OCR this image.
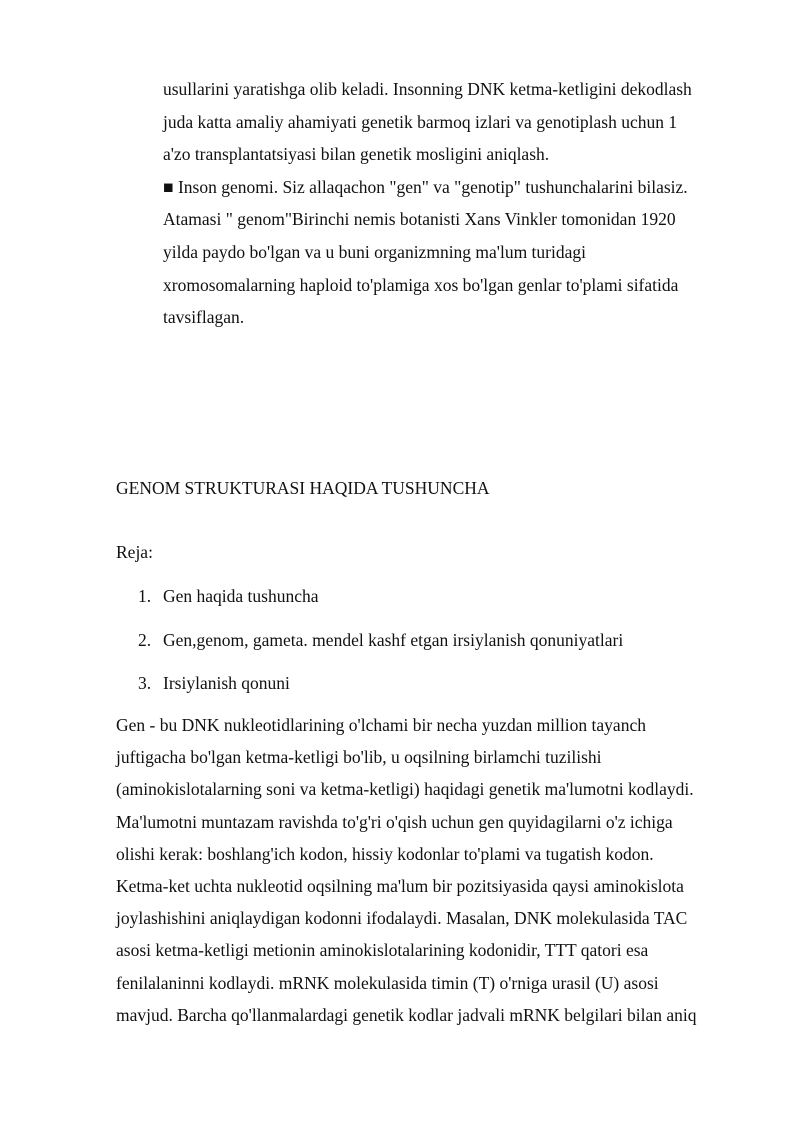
usullarini yaratishga olib keladi. Insonning DNK ketma-ketligini dekodlash
juda katta amaliy ahamiyati genetik barmoq izlari va genotiplash uchun 1
a'zo transplantatsiyasi bilan genetik mosligini aniqlash.
■ Inson genomi. Siz allaqachon "gen" va "genotip" tushunchalarini bilasiz.
Atamasi " genom"Birinchi nemis botanisti Xans Vinkler tomonidan 1920
yilda paydo bo'lgan va u buni organizmning ma'lum turidagi
xromosomalarning haploid to'plamiga xos bo'lgan genlar to'plami sifatida
tavsiflagan.
GENOM STRUKTURASI HAQIDA TUSHUNCHA
Reja:
1. Gen haqida tushuncha
2. Gen,genom, gameta. mendel kashf etgan irsiylanish qonuniyatlari
3. Irsiylanish qonuni
Gen - bu DNK nukleotidlarining o'lchami bir necha yuzdan million tayanch
juftigacha bo'lgan ketma-ketligi bo'lib, u oqsilning birlamchi tuzilishi
(aminokislotalarning soni va ketma-ketligi) haqidagi genetik ma'lumotni kodlaydi.
Ma'lumotni muntazam ravishda to'g'ri o'qish uchun gen quyidagilarni o'z ichiga
olishi kerak: boshlang'ich kodon, hissiy kodonlar to'plami va tugatish kodon.
Ketma-ket uchta nukleotid oqsilning ma'lum bir pozitsiyasida qaysi aminokislota
joylashishini aniqlaydigan kodonni ifodalaydi. Masalan, DNK molekulasida TAC
asosi ketma-ketligi metionin aminokislotalarining kodonidir, TTT qatori esa
fenilalaninni kodlaydi. mRNK molekulasida timin (T) o'rniga urasil (U) asosi
mavjud. Barcha qo'llanmalardagi genetik kodlar jadvali mRNK belgilari bilan aniq
